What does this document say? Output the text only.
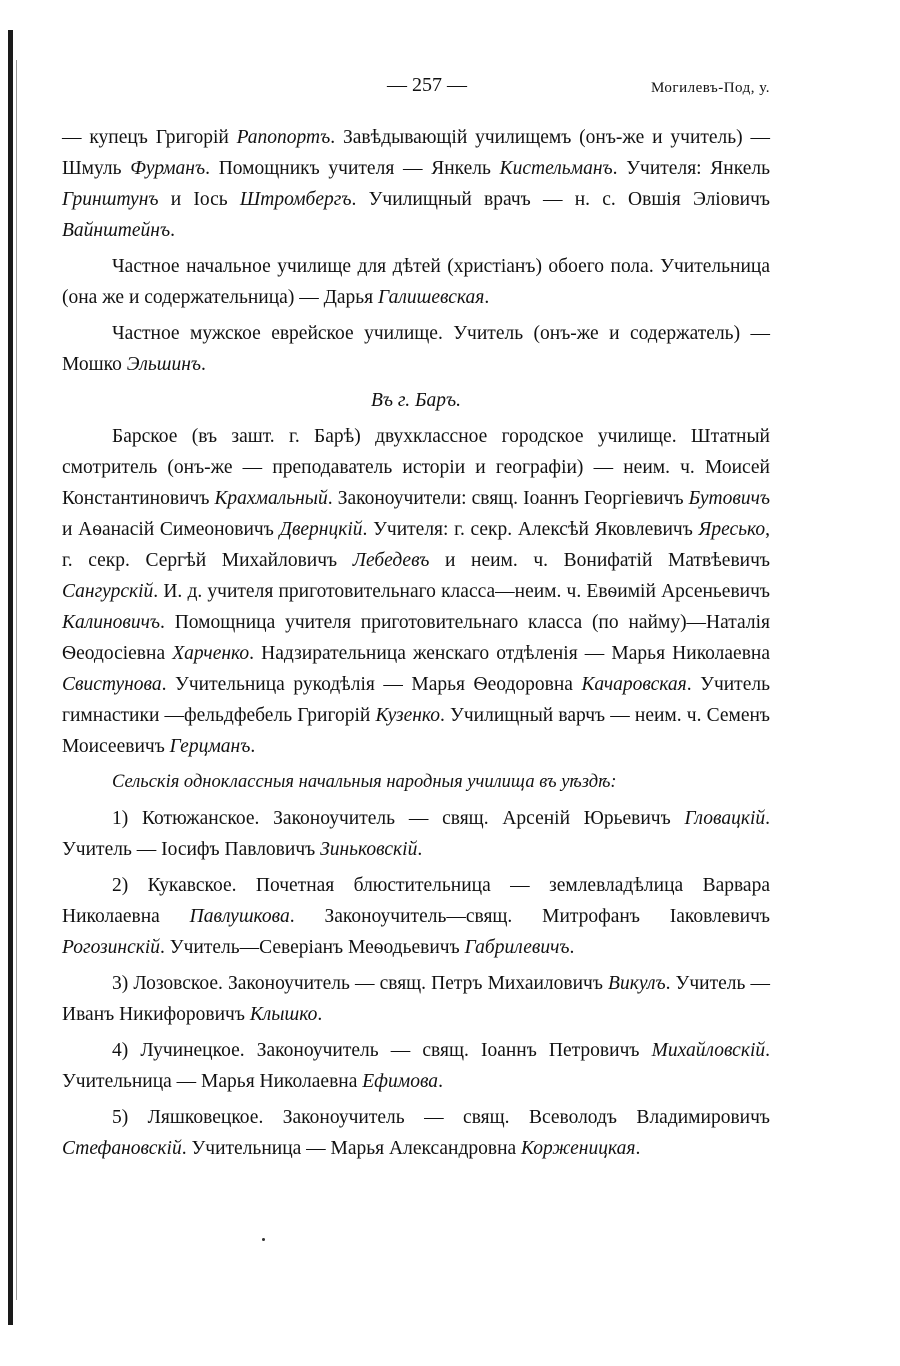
— 257 —	Могилевъ-Под, у.

— купецъ Григорій Рапопортъ. Завѣдывающій училищемъ (онъ-же и учитель) — Шмуль Фурманъ. Помощникъ учителя — Янкель Кистельманъ. Учителя: Янкель Гринштунъ и Іось Штромбергъ. Училищный врачъ — н. с. Овшія Эліовичъ Вайнштейнъ.

Частное начальное училище для дѣтей (христіанъ) обоего пола. Учительница (она же и содержательница) — Дарья Галишевская.

Частное мужское еврейское училище. Учитель (онъ-же и содержатель) — Мошко Эльшинъ.

Въ г. Баръ.

Барское (въ зашт. г. Барѣ) двухклассное городское училище. Штатный смотритель (онъ-же — преподаватель исторіи и географіи) — неим. ч. Моисей Константиновичъ Крахмальный. Законоучители: свящ. Іоаннъ Георгіевичъ Бутовичъ и Аѳанасій Симеоновичъ Двернцкій. Учителя: г. секр. Алексѣй Яковлевичъ Яресько, г. секр. Сергѣй Михайловичъ Лебедевъ и неим. ч. Вонифатій Матвѣевичъ Сангурскій. И. д. учителя приготовительнаго класса—неим. ч. Евѳимій Арсеньевичъ Калиновичъ. Помощница учителя приготовительнаго класса (по найму)—Наталія Ѳеодосіевна Харченко. Надзирательница женскаго отдѣленія — Марья Николаевна Свистунова. Учительница рукодѣлія — Марья Ѳеодоровна Качаровская. Учитель гимнастики —фельдфебель Григорій Кузенко. Училищный варчъ — неим. ч. Семенъ Моисеевичъ Герцманъ.

Сельскія одноклассныя начальныя народныя училища въ уѣздѣ:

1) Котюжанское. Законоучитель — свящ. Арсеній Юрьевичъ Гловацкій. Учитель — Іосифъ Павловичъ Зиньковскій.

2) Кукавское. Почетная блюстительница — землевладѣлица Варвара Николаевна Павлушкова. Законоучитель—свящ. Митрофанъ Іаковлевичъ Рогозинскій. Учитель—Северіанъ Меѳодьевичъ Габрилевичъ.

3) Лозовское. Законоучитель — свящ. Петръ Михаиловичъ Викулъ. Учитель — Иванъ Никифоровичъ Клышко.

4) Лучинецкое. Законоучитель — свящ. Іоаннъ Петровичъ Михайловскій. Учительница — Марья Николаевна Ефимова.

5) Ляшковецкое. Законоучитель — свящ. Всеволодъ Владимировичъ Стефановскій. Учительница — Марья Александровна Корженицкая.
